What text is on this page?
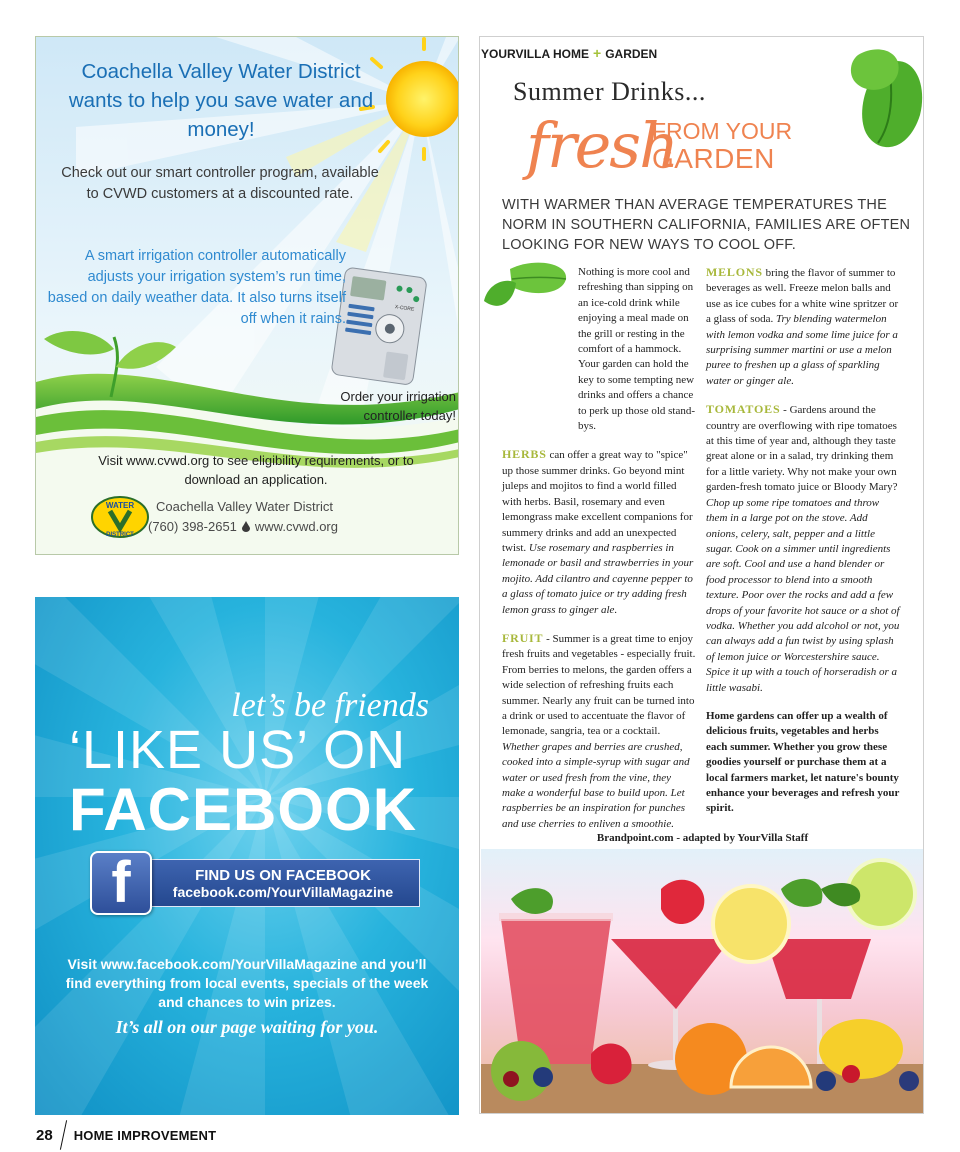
X-CORE
Coachella Valley Water District wants to help you save water and money!
Check out our smart controller program, available to CVWD customers at a discounted rate.
A smart irrigation controller automatically adjusts your irrigation system’s run time, based on daily weather data. It also turns itself off when it rains.
Order your irrigation controller today!
Visit www.cvwd.org to see eligibility requirements, or to download an application.
WATER
DISTRICT
Coachella Valley Water District
(760) 398-2651 www.cvwd.org
let’s be friends
‘LIKE US’ ON
FACEBOOK
f	FIND US ON FACEBOOK
facebook.com/YourVillaMagazine
Visit www.facebook.com/YourVillaMagazine and you’ll find everything from local events, specials of the week and chances to win prizes.
It’s all on our page waiting for you.
28 HOME IMPROVEMENT
YOURVILLA HOME + GARDEN
Summer Drinks...
fresh
FROM YOUR
GARDEN
WITH WARMER THAN AVERAGE TEMPERATURES THE NORM IN SOUTHERN CALIFORNIA, FAMILIES ARE OFTEN LOOKING FOR NEW WAYS TO COOL OFF.

Nothing is more cool and refreshing than sipping on an ice-cold drink while enjoying a meal made on the grill or resting in the comfort of a hammock. Your garden can hold the key to some tempting new drinks and offers a chance to perk up those old stand-bys.

HERBS can offer a great way to "spice" up those summer drinks. Go beyond mint juleps and mojitos to find a world filled with herbs. Basil, rosemary and even lemongrass make excellent companions for summery drinks and add an unexpected twist. Use rosemary and raspberries in lemonade or basil and strawberries in your mojito. Add cilantro and cayenne pepper to a glass of tomato juice or try adding fresh lemon grass to ginger ale.

FRUIT - Summer is a great time to enjoy fresh fruits and vegetables - especially fruit. From berries to melons, the garden offers a wide selection of refreshing fruits each summer. Nearly any fruit can be turned into a drink or used to accentuate the flavor of lemonade, sangria, tea or a cocktail. Whether grapes and berries are crushed, cooked into a simple-syrup with sugar and water or used fresh from the vine, they make a wonderful base to build upon. Let raspberries be an inspiration for punches and use cherries to enliven a smoothie.

MELONS bring the flavor of summer to beverages as well. Freeze melon balls and use as ice cubes for a white wine spritzer or a glass of soda. Try blending watermelon with lemon vodka and some lime juice for a surprising summer martini or use a melon puree to freshen up a glass of sparkling water or ginger ale.

TOMATOES - Gardens around the country are overflowing with ripe tomatoes at this time of year and, although they taste great alone or in a salad, try drinking them for a little variety. Why not make your own garden-fresh tomato juice or Bloody Mary? Chop up some ripe tomatoes and throw them in a large pot on the stove. Add onions, celery, salt, pepper and a little sugar. Cook on a simmer until ingredients are soft. Cool and use a hand blender or food processor to blend into a smooth texture. Poor over the rocks and add a few drops of your favorite hot sauce or a shot of vodka. Whether you add alcohol or not, you can always add a fun twist by using splash of lemon juice or Worcestershire sauce. Spice it up with a touch of horseradish or a little wasabi.

Home gardens can offer up a wealth of delicious fruits, vegetables and herbs each summer. Whether you grow these goodies yourself or purchase them at a local farmers market, let nature's bounty enhance your beverages and refresh your spirit.

Brandpoint.com - adapted by YourVilla Staff
